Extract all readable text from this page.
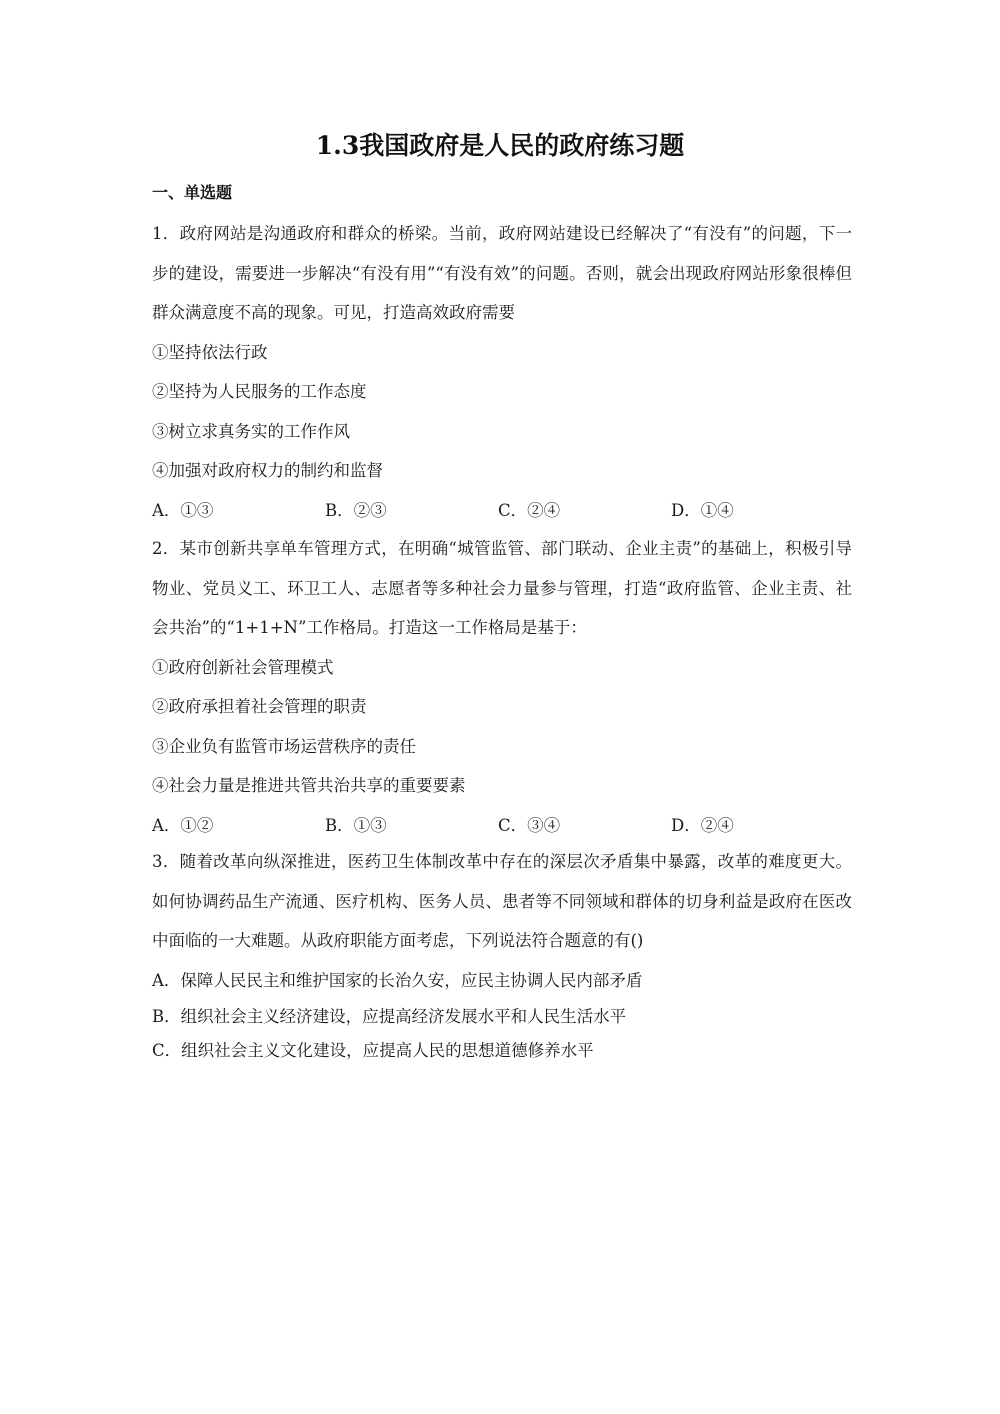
1.3我国政府是人民的政府练习题
一、单选题

1．政府网站是沟通政府和群众的桥梁。当前，政府网站建设已经解决了“有没有”的问题，下一步的建设，需要进一步解决“有没有用”“有没有效”的问题。否则，就会出现政府网站形象很棒但群众满意度不高的现象。可见，打造高效政府需要

①坚持依法行政

②坚持为人民服务的工作态度

③树立求真务实的工作作风

④加强对政府权力的制约和监督

A．①③	B．②③	C．②④	D．①④

2．某市创新共享单车管理方式，在明确“城管监管、部门联动、企业主责”的基础上，积极引导物业、党员义工、环卫工人、志愿者等多种社会力量参与管理，打造“政府监管、企业主责、社会共治”的“1+1+N”工作格局。打造这一工作格局是基于：

①政府创新社会管理模式

②政府承担着社会管理的职责

③企业负有监管市场运营秩序的责任

④社会力量是推进共管共治共享的重要要素

A．①②	B．①③	C．③④	D．②④

3．随着改革向纵深推进，医药卫生体制改革中存在的深层次矛盾集中暴露，改革的难度更大。如何协调药品生产流通、医疗机构、医务人员、患者等不同领域和群体的切身利益是政府在医改中面临的一大难题。从政府职能方面考虑，下列说法符合题意的有()

A．保障人民民主和维护国家的长治久安，应民主协调人民内部矛盾

B．组织社会主义经济建设，应提高经济发展水平和人民生活水平

C．组织社会主义文化建设，应提高人民的思想道德修养水平
